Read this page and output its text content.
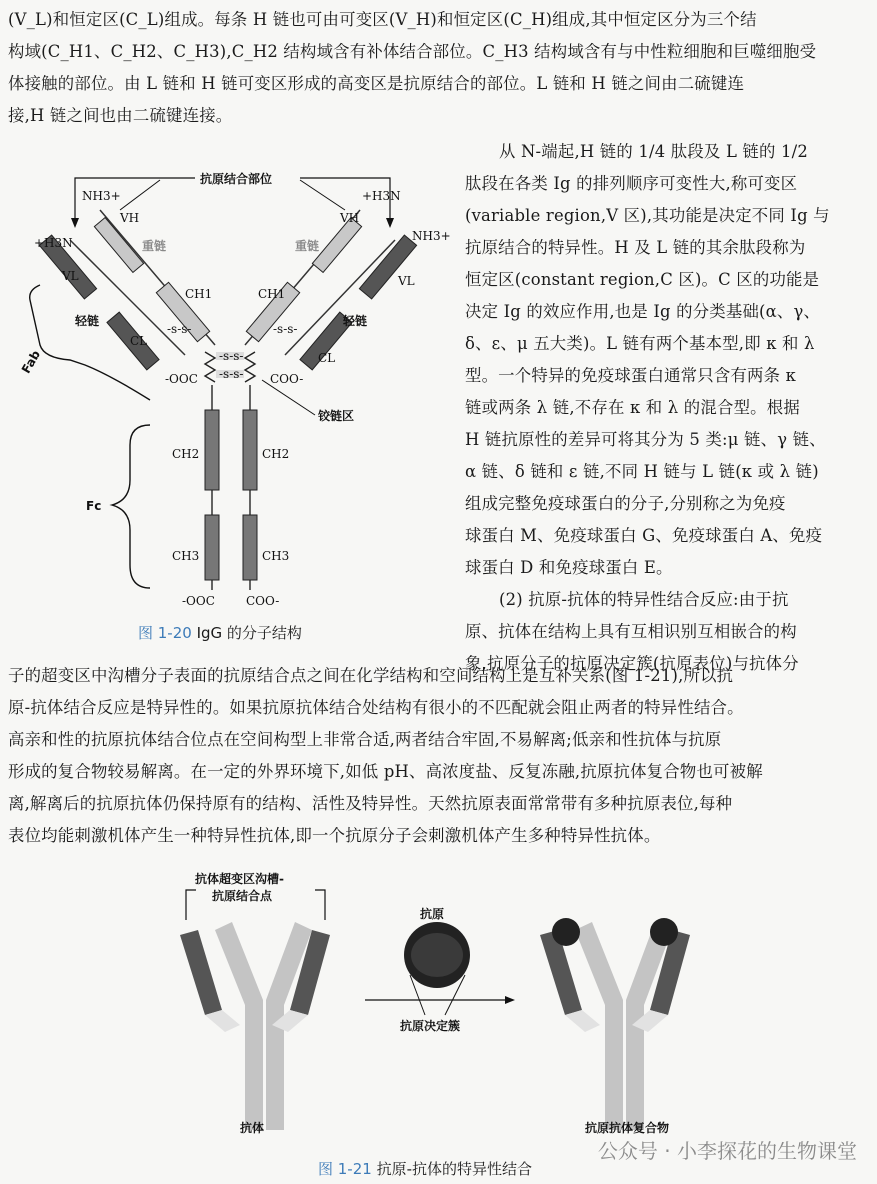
(V_L)和恒定区(C_L)组成。每条 H 链也可由可变区(V_H)和恒定区(C_H)组成,其中恒定区分为三个结
构域(C_H1、C_H2、C_H3),C_H2 结构域含有补体结合部位。C_H3 结构域含有与中性粒细胞和巨噬细胞受
体接触的部位。由 L 链和 H 链可变区形成的高变区是抗原结合的部位。L 链和 H 链之间由二硫键连
接,H 链之间也由二硫键连接。
从 N-端起,H 链的 1/4 肽段及 L 链的 1/2
肽段在各类 Ig 的排列顺序可变性大,称可变区
(variable region,V 区),其功能是决定不同 Ig 与
抗原结合的特异性。H 及 L 链的其余肽段称为
恒定区(constant region,C 区)。C 区的功能是
决定 Ig 的效应作用,也是 Ig 的分类基础(α、γ、
δ、ε、μ 五大类)。L 链有两个基本型,即 κ 和 λ
型。一个特异的免疫球蛋白通常只含有两条 κ
链或两条 λ 链,不存在 κ 和 λ 的混合型。根据
H 链抗原性的差异可将其分为 5 类:μ 链、γ 链、
α 链、δ 链和 ε 链,不同 H 链与 L 链(κ 或 λ 链)
组成完整免疫球蛋白的分子,分别称之为免疫
球蛋白 M、免疫球蛋白 G、免疫球蛋白 A、免疫
球蛋白 D 和免疫球蛋白 E。
(2) 抗原-抗体的特异性结合反应:由于抗
原、抗体在结构上具有互相识别互相嵌合的构
象,抗原分子的抗原决定簇(抗原表位)与抗体分
子的超变区中沟槽分子表面的抗原结合点之间在化学结构和空间结构上是互补关系(图 1-21),所以抗
原-抗体结合反应是特异性的。如果抗原抗体结合处结构有很小的不匹配就会阻止两者的特异性结合。
高亲和性的抗原抗体结合位点在空间构型上非常合适,两者结合牢固,不易解离;低亲和性抗体与抗原
形成的复合物较易解离。在一定的外界环境下,如低 pH、高浓度盐、反复冻融,抗原抗体复合物也可被解
离,解离后的抗原抗体仍保持原有的结构、活性及特异性。天然抗原表面常常带有多种抗原表位,每种
表位均能刺激机体产生一种特异性抗体,即一个抗原分子会刺激机体产生多种特异性抗体。
抗原结合部位
-s-s-
-s-s-
-s-s-	-s-s-
+H3N
NH3+	+H3N
NH3+
VH	VH
VL	VL
重链	重链
轻链	轻链
CH1	CH1
CL
CL
-OOC	COO-
CH2	CH2
CH3	CH3
-OOC	COO-
铰链区
Fab
Fc
图 1-20 IgG 的分子结构
抗体超变区沟槽-
抗原结合点
抗体
抗原
抗原决定簇
抗原抗体复合物
图 1-21 抗原-抗体的特异性结合
公众号 · 小李探花的生物课堂
